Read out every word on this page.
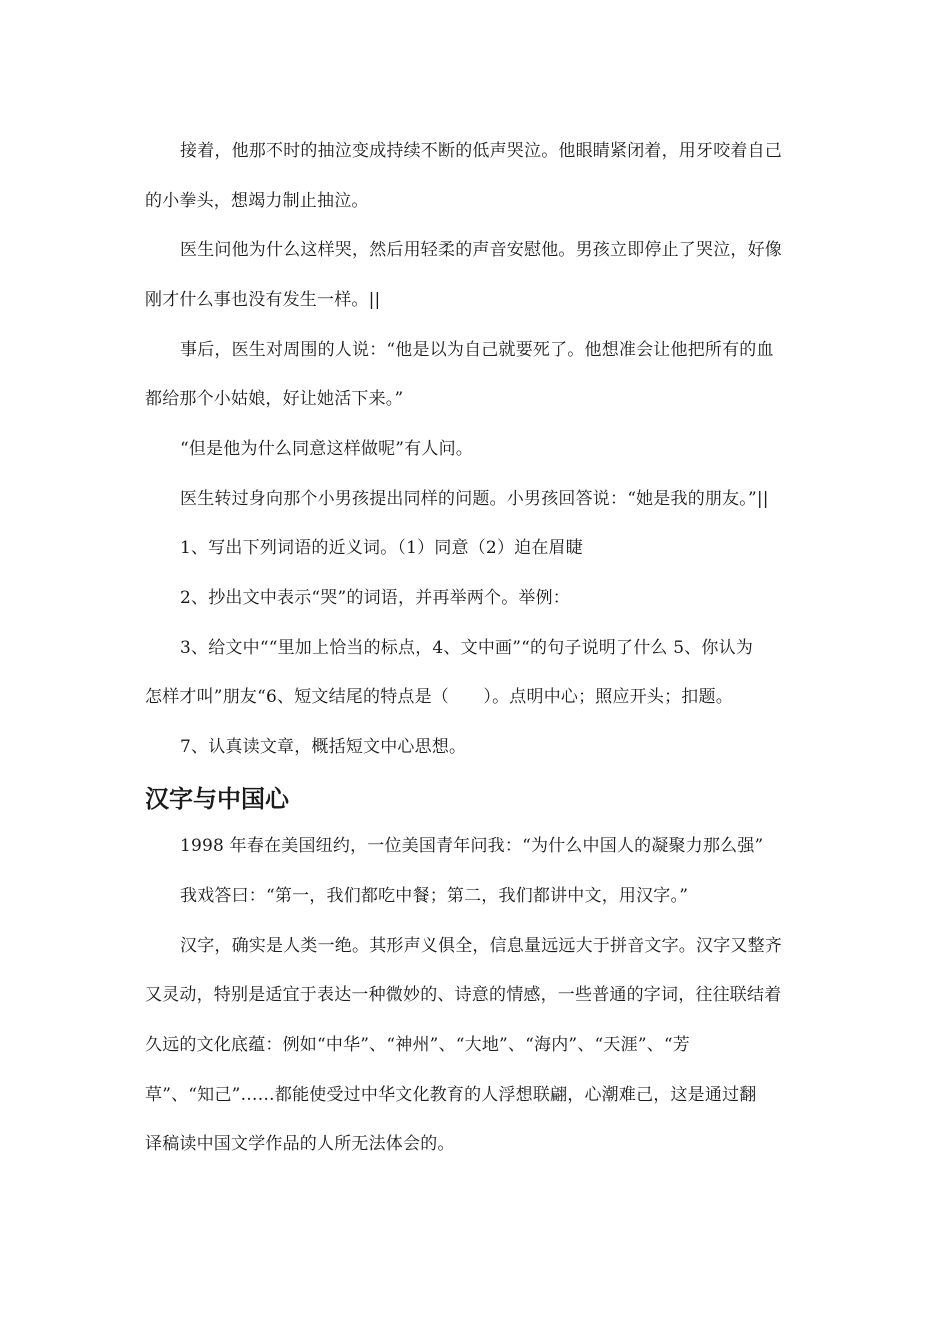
接着，他那不时的抽泣变成持续不断的低声哭泣。他眼睛紧闭着，用牙咬着自己
的小拳头，想竭力制止抽泣。
医生问他为什么这样哭，然后用轻柔的声音安慰他。男孩立即停止了哭泣，好像
刚才什么事也没有发生一样。||
事后，医生对周围的人说：“他是以为自己就要死了。他想准会让他把所有的血
都给那个小姑娘，好让她活下来。”
“但是他为什么同意这样做呢”有人问。
医生转过身向那个小男孩提出同样的问题。小男孩回答说：“她是我的朋友。”||
1、写出下列词语的近义词。（1）同意（2）迫在眉睫
2、抄出文中表示“哭”的词语，并再举两个。举例：
3、给文中““里加上恰当的标点，4、文中画”“的句子说明了什么 5、你认为
怎样才叫”朋友“6、短文结尾的特点是（　　）。点明中心；照应开头；扣题。
7、认真读文章，概括短文中心思想。
汉字与中国心
1998 年春在美国纽约，一位美国青年问我：“为什么中国人的凝聚力那么强”
我戏答曰：“第一，我们都吃中餐；第二，我们都讲中文，用汉字。”
汉字，确实是人类一绝。其形声义俱全，信息量远远大于拼音文字。汉字又整齐
又灵动，特别是适宜于表达一种微妙的、诗意的情感，一些普通的字词，往往联结着
久远的文化底蕴：例如“中华”、“神州”、“大地”、“海内”、“天涯”、“芳
草”、“知己”……都能使受过中华文化教育的人浮想联翩，心潮难己，这是通过翻
译稿读中国文学作品的人所无法体会的。
